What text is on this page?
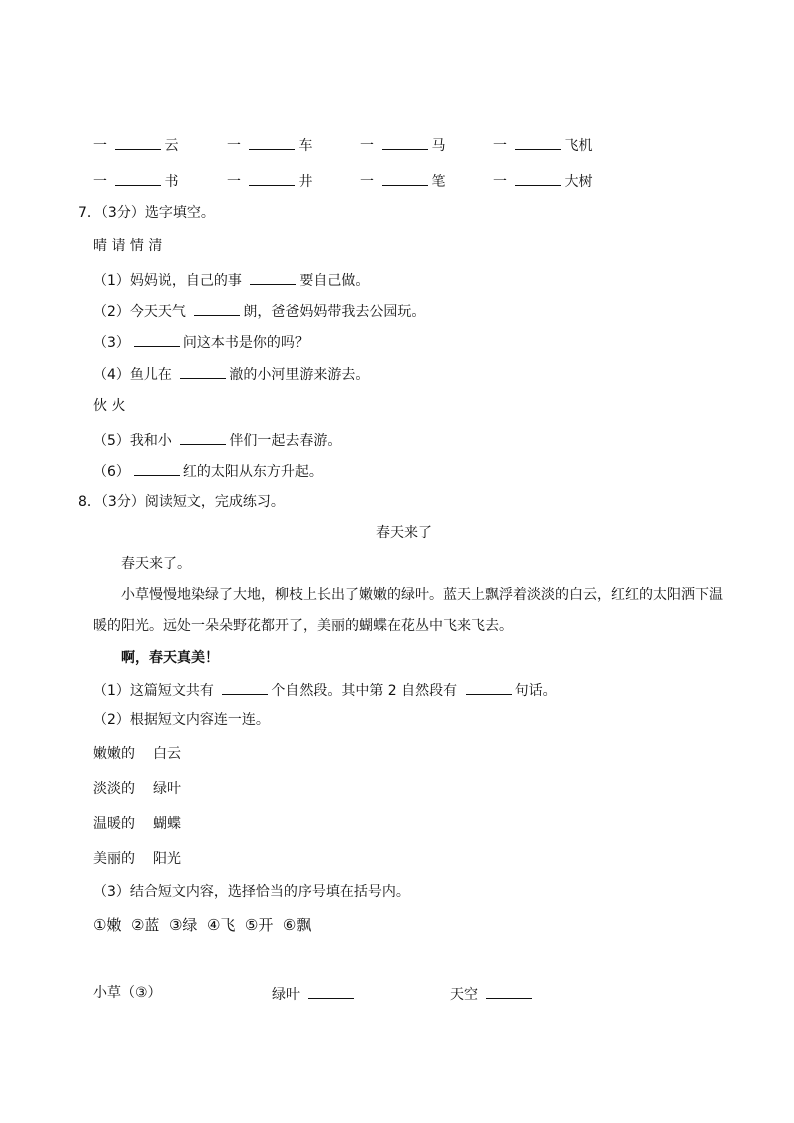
一	云	一	车	一	马	一	飞机
一	书	一	井	一	笔	一	大树
7．（3分）选字填空。
晴 请 情 清
（1）妈妈说，自己的事	要自己做。
（2）今天天气	朗，爸爸妈妈带我去公园玩。
（3）	问这本书是你的吗？
（4）鱼儿在	澈的小河里游来游去。
伙 火
（5）我和小	伴们一起去春游。
（6）	红的太阳从东方升起。
8．（3分）阅读短文，完成练习。
春天来了
春天来了。
小草慢慢地染绿了大地，柳枝上长出了嫩嫩的绿叶。蓝天上飘浮着淡淡的白云，红红的太阳洒下温
暖的阳光。远处一朵朵野花都开了，美丽的蝴蝶在花丛中飞来飞去。
啊，春天真美！
（1）这篇短文共有	个自然段。其中第 2 自然段有	句话。
（2）根据短文内容连一连。
嫩嫩的 白云
淡淡的 绿叶
温暖的 蝴蝶
美丽的 阳光
（3）结合短文内容，选择恰当的序号填在括号内。
①嫩  ②蓝  ③绿  ④飞  ⑤开  ⑥飘
小草（③）	绿叶	天空
